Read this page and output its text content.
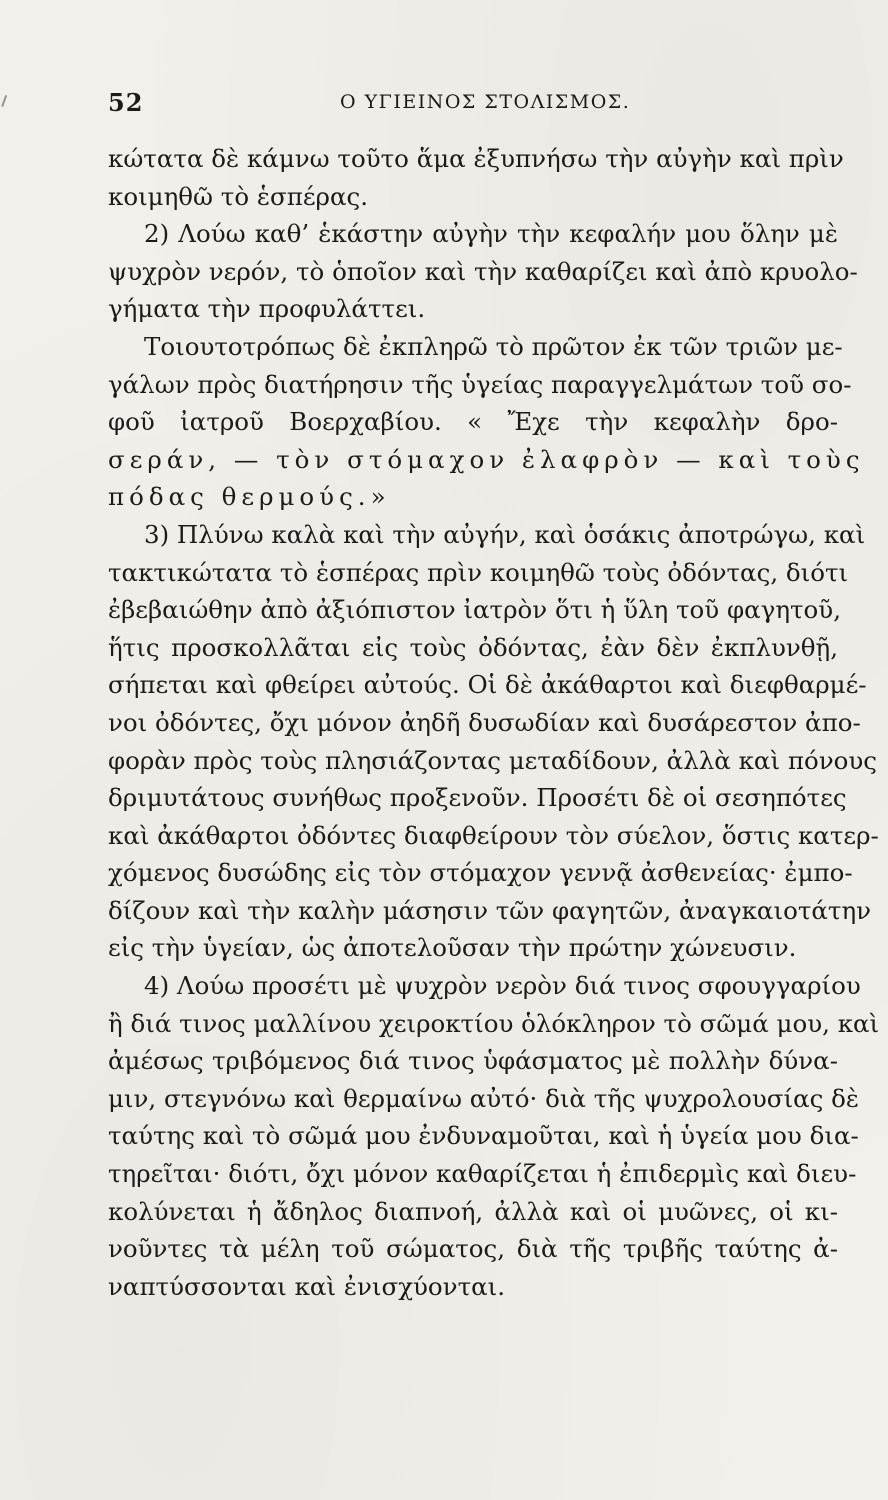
52	Ο ΥΓΙΕΙΝΟΣ ΣΤΟΛΙΣΜΟΣ.
κώτατα δὲ κάμνω τοῦτο ἅμα ἐξυπνήσω τὴν αὐγὴν καὶ πρὶν
κοιμηθῶ τὸ ἑσπέρας.
2) Λούω καθ’ ἑκάστην αὐγὴν τὴν κεφαλήν μου ὅλην μὲ
ψυχρὸν νερόν, τὸ ὁποῖον καὶ τὴν καθαρίζει καὶ ἀπὸ κρυολο-
γήματα τὴν προφυλάττει.
Τοιουτοτρόπως δὲ ἐκπληρῶ τὸ πρῶτον ἐκ τῶν τριῶν με-
γάλων πρὸς διατήρησιν τῆς ὑγείας παραγγελμάτων τοῦ σο-
φοῦ ἰατροῦ Βοερχαβίου. « Ἔχε τὴν κεφαλὴν δρο-
σεράν, — τὸν στόμαχον ἐλαφρὸν — καὶ τοὺς
πόδας θερμούς.»
3) Πλύνω καλὰ καὶ τὴν αὐγήν, καὶ ὁσάκις ἀποτρώγω, καὶ
τακτικώτατα τὸ ἑσπέρας πρὶν κοιμηθῶ τοὺς ὀδόντας, διότι
ἐβεβαιώθην ἀπὸ ἀξιόπιστον ἰατρὸν ὅτι ἡ ὕλη τοῦ φαγητοῦ,
ἥτις προσκολλᾶται εἰς τοὺς ὀδόντας, ἐὰν δὲν ἐκπλυνθῇ,
σήπεται καὶ φθείρει αὐτούς. Οἱ δὲ ἀκάθαρτοι καὶ διεφθαρμέ-
νοι ὀδόντες, ὄχι μόνον ἀηδῆ δυσωδίαν καὶ δυσάρεστον ἀπο-
φορὰν πρὸς τοὺς πλησιάζοντας μεταδίδουν, ἀλλὰ καὶ πόνους
δριμυτάτους συνήθως προξενοῦν. Προσέτι δὲ οἱ σεσηπότες
καὶ ἀκάθαρτοι ὀδόντες διαφθείρουν τὸν σύελον, ὅστις κατερ-
χόμενος δυσώδης εἰς τὸν στόμαχον γεννᾷ ἀσθενείας· ἐμπο-
δίζουν καὶ τὴν καλὴν μάσησιν τῶν φαγητῶν, ἀναγκαιοτάτην
εἰς τὴν ὑγείαν, ὡς ἀποτελοῦσαν τὴν πρώτην χώνευσιν.
4) Λούω προσέτι μὲ ψυχρὸν νερὸν διά τινος σφουγγαρίου
ἢ διά τινος μαλλίνου χειροκτίου ὁλόκληρον τὸ σῶμά μου, καὶ
ἀμέσως τριβόμενος διά τινος ὑφάσματος μὲ πολλὴν δύνα-
μιν, στεγνόνω καὶ θερμαίνω αὐτό· διὰ τῆς ψυχρολουσίας δὲ
ταύτης καὶ τὸ σῶμά μου ἐνδυναμοῦται, καὶ ἡ ὑγεία μου δια-
τηρεῖται· διότι, ὄχι μόνον καθαρίζεται ἡ ἐπιδερμὶς καὶ διευ-
κολύνεται ἡ ἄδηλος διαπνοή, ἀλλὰ καὶ οἱ μυῶνες, οἱ κι-
νοῦντες τὰ μέλη τοῦ σώματος, διὰ τῆς τριβῆς ταύτης ἀ-
ναπτύσσονται καὶ ἐνισχύονται.
